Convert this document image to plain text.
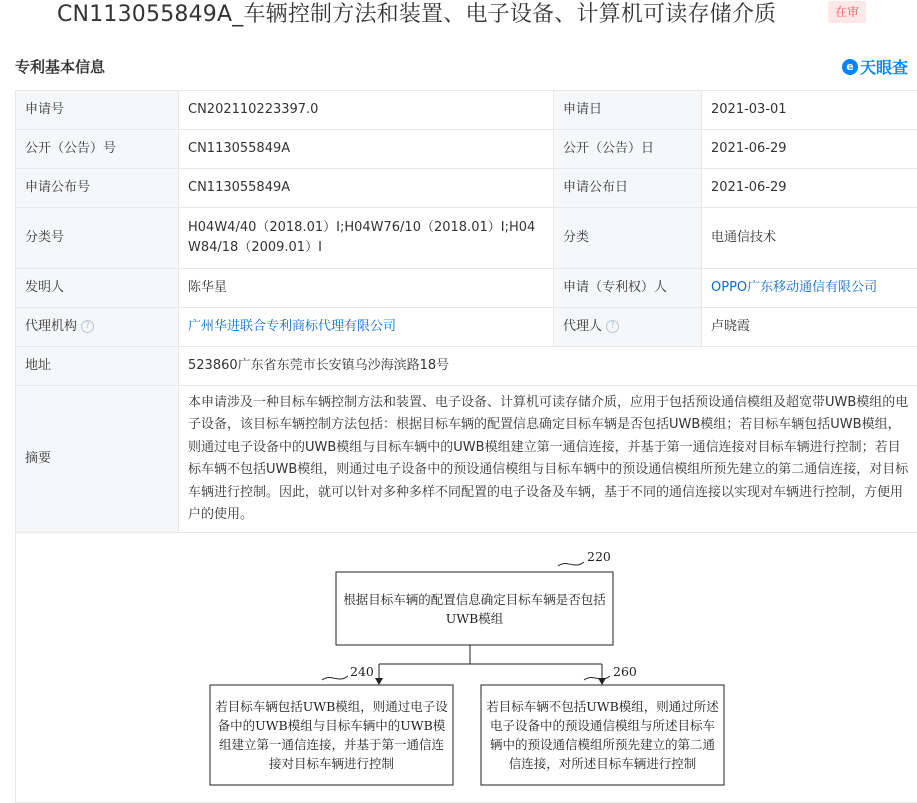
CN113055849A_车辆控制方法和装置、电子设备、计算机可读存储介质	在审
专利基本信息	e 天眼查
申请号	CN202110223397.0	申请日	2021-03-01
公开（公告）号	CN113055849A	公开（公告）日	2021-06-29
申请公布号	CN113055849A	申请公布日	2021-06-29
分类号	H04W4/40（2018.01）I;H04W76/10（2018.01）I;H04W84/18（2009.01）I	分类	电通信技术
发明人	陈华星	申请（专利权）人	OPPO广东移动通信有限公司
代理机构 ?	广州华进联合专利商标代理有限公司	代理人 ?	卢晓霞
地址	523860广东省东莞市长安镇乌沙海滨路18号		
摘要	本申请涉及一种目标车辆控制方法和装置、电子设备、计算机可读存储介质，应用于包括预设通信模组及超宽带UWB模组的电子设备，该目标车辆控制方法包括：根据目标车辆的配置信息确定目标车辆是否包括UWB模组；若目标车辆包括UWB模组，则通过电子设备中的UWB模组与目标车辆中的UWB模组建立第一通信连接，并基于第一通信连接对目标车辆进行控制；若目标车辆不包括UWB模组，则通过电子设备中的预设通信模组与目标车辆中的预设通信模组所预先建立的第二通信连接，对目标车辆进行控制。因此，就可以针对多种多样不同配置的电子设备及车辆，基于不同的通信连接以实现对车辆进行控制，方便用户的使用。		
220
240	260
根据目标车辆的配置信息确定目标车辆是否包括UWB模组
若目标车辆包括UWB模组，则通过电子设备中的UWB模组与目标车辆中的UWB模组建立第一通信连接，并基于第一通信连接对目标车辆进行控制
若目标车辆不包括UWB模组，则通过所述电子设备中的预设通信模组与所述目标车辆中的预设通信模组所预先建立的第二通信连接，对所述目标车辆进行控制
